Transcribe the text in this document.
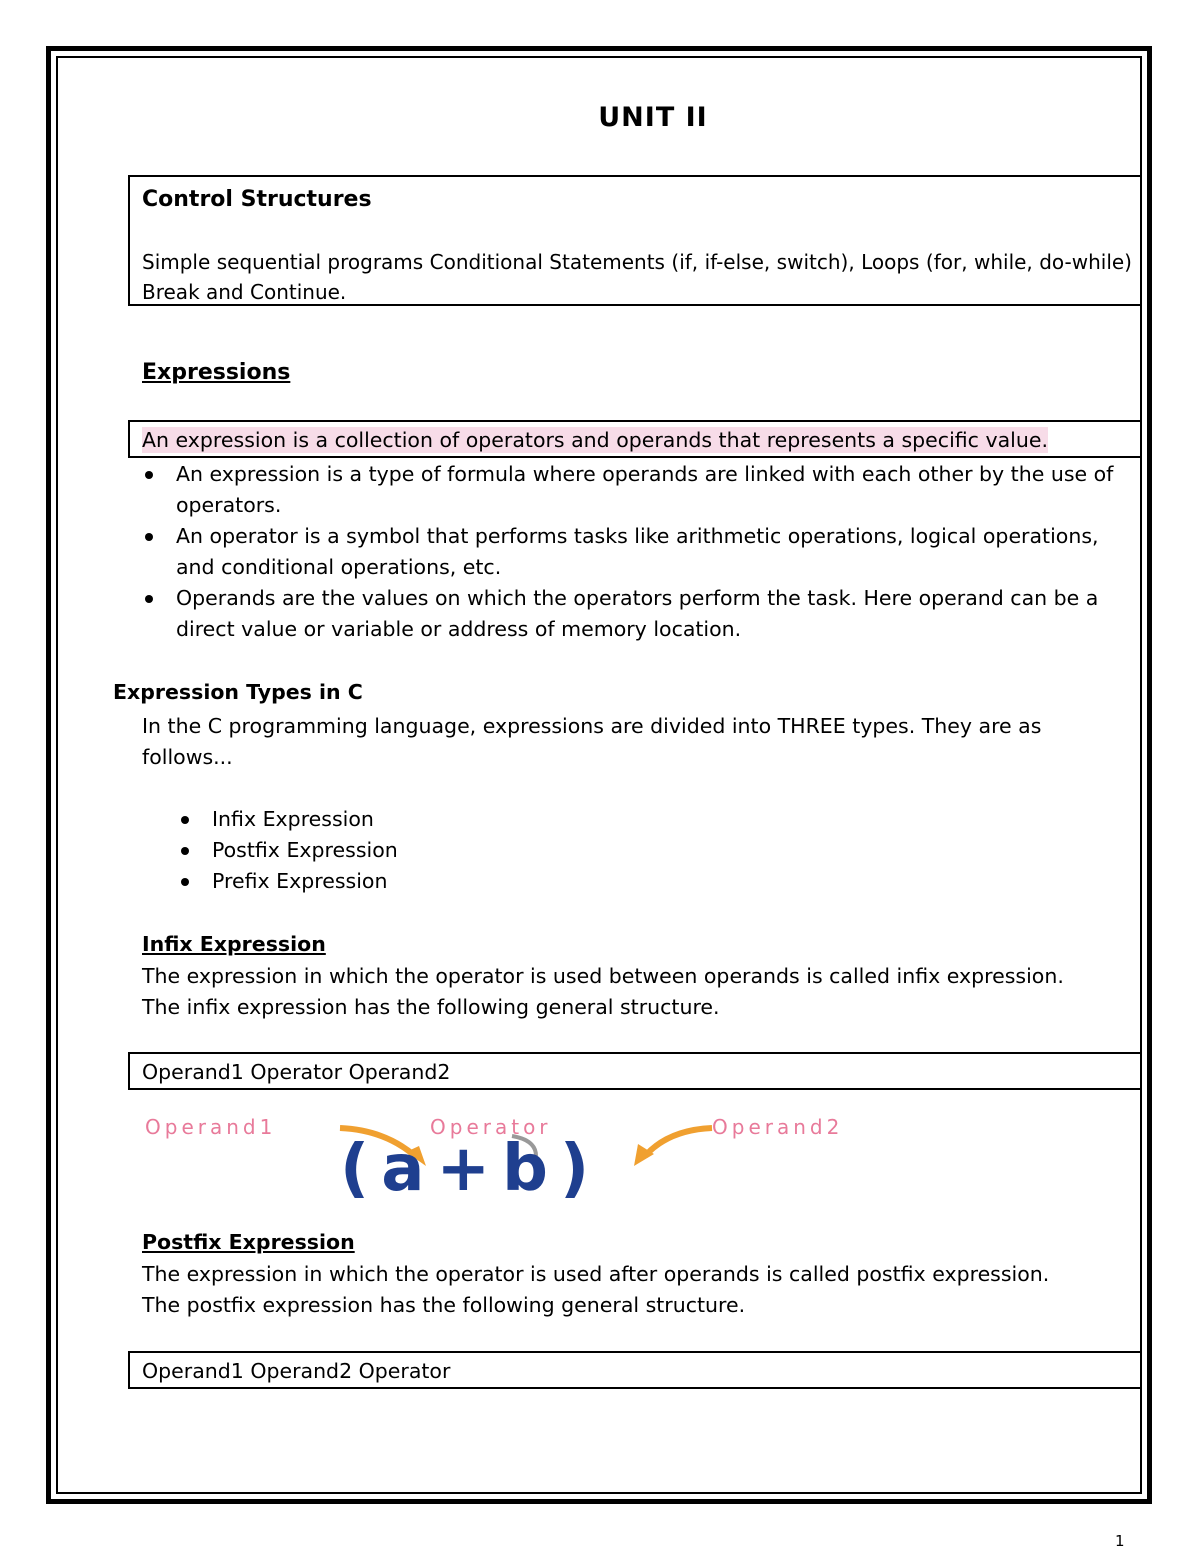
UNIT II
Control Structures
Simple sequential programs Conditional Statements (if, if-else, switch), Loops (for, while, do-while) Break and Continue.
Expressions
An expression is a collection of operators and operands that represents a specific value.
An expression is a type of formula where operands are linked with each other by the use of operators.
An operator is a symbol that performs tasks like arithmetic operations, logical operations, and conditional operations, etc.
Operands are the values on which the operators perform the task. Here operand can be a direct value or variable or address of memory location.
Expression Types in C
In the C programming language, expressions are divided into THREE types. They are as follows...
Infix Expression
Postfix Expression
Prefix Expression
Infix Expression
The expression in which the operator is used between operands is called infix expression.
The infix expression has the following general structure.
Operand1 Operator Operand2
Operand1	Operator	Operand2
(a+b)
Postfix Expression
The expression in which the operator is used after operands is called postfix expression.
The postfix expression has the following general structure.
Operand1 Operand2 Operator
1
